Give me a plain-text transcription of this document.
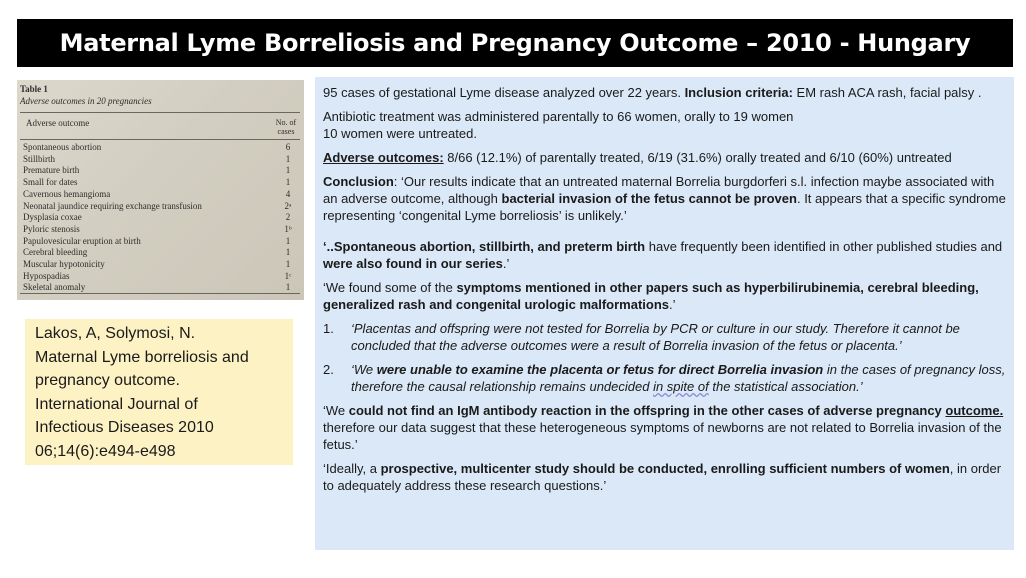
Maternal Lyme Borreliosis and Pregnancy Outcome – 2010 - Hungary
Table 1
Adverse outcomes in 20 pregnancies
Adverse outcome	No. of cases
Spontaneous abortion	6
Stillbirth	1
Premature birth	1
Small for dates	1
Cavernous hemangioma	4
Neonatal jaundice requiring exchange transfusion	2ᵃ
Dysplasia coxae	2
Pyloric stenosis	1ᵇ
Papulovesicular eruption at birth	1
Cerebral bleeding	1
Muscular hypotonicity	1
Hypospadias	1ᶜ
Skeletal anomaly	1
Lakos, A, Solymosi, N.
Maternal Lyme borreliosis and
pregnancy outcome.
International Journal of
Infectious Diseases 2010
06;14(6):e494-e498

95 cases of gestational Lyme disease analyzed over 22 years. Inclusion criteria: EM rash ACA rash, facial palsy .

Antibiotic treatment was administered parentally to 66 women, orally to 19 women
10 women were untreated.

Adverse outcomes: 8/66 (12.1%) of parentally treated, 6/19 (31.6%) orally treated and 6/10 (60%) untreated

Conclusion: ‘Our results indicate that an untreated maternal Borrelia burgdorferi s.l. infection maybe associated with an adverse outcome, although bacterial invasion of the fetus cannot be proven. It appears that a specific syndrome representing ‘congenital Lyme borreliosis’ is unlikely.’

‘..Spontaneous abortion, stillbirth, and preterm birth have frequently been identified in other published studies and were also found in our series.’

‘We found some of the symptoms mentioned in other papers such as hyperbilirubinemia, cerebral bleeding, generalized rash and congenital urologic malformations.’

1.	‘Placentas and offspring were not tested for Borrelia by PCR or culture in our study. Therefore it cannot be concluded that the adverse outcomes were a result of Borrelia invasion of the fetus or placenta.’
2.	‘We were unable to examine the placenta or fetus for direct Borrelia invasion in the cases of pregnancy loss, therefore the causal relationship remains undecided in spite of the statistical association.’

‘We could not find an IgM antibody reaction in the offspring in the other cases of adverse pregnancy outcome. therefore our data suggest that these heterogeneous symptoms of newborns are not related to Borrelia invasion of the fetus.’

‘Ideally, a prospective, multicenter study should be conducted, enrolling sufficient numbers of women, in order to adequately address these research questions.’
